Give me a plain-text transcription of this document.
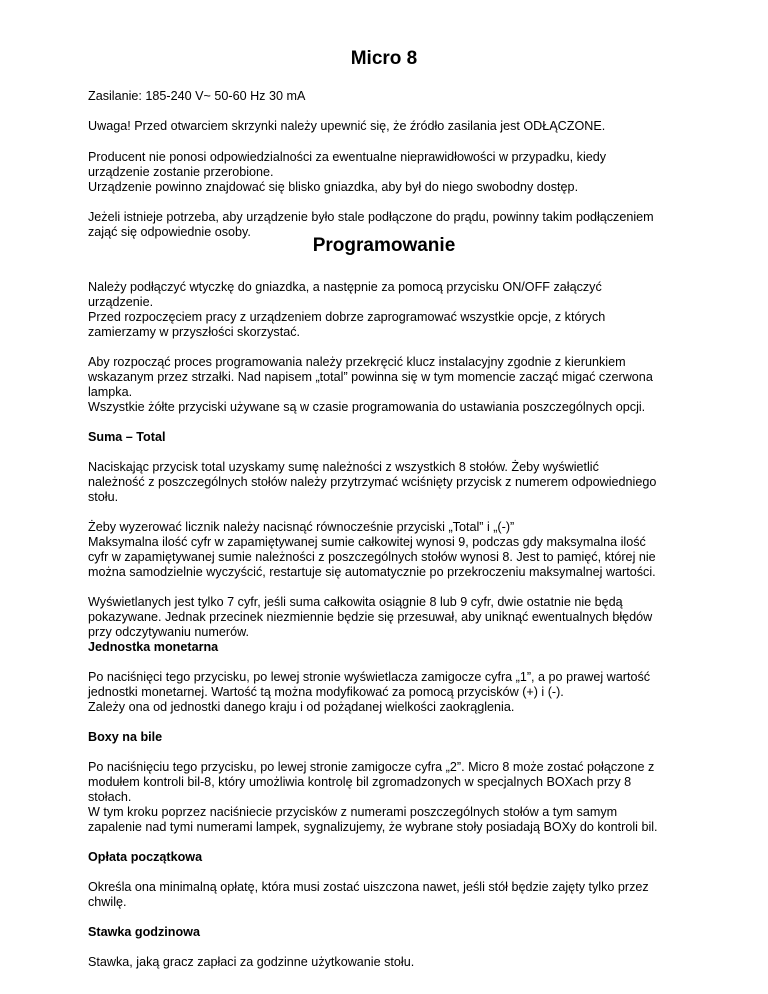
Micro 8

Zasilanie: 185-240 V~ 50-60 Hz 30 mA

Uwaga! Przed otwarciem skrzynki należy upewnić się, że źródło zasilania jest ODŁĄCZONE.

Producent nie ponosi odpowiedzialności za ewentualne nieprawidłowości w przypadku, kiedy
urządzenie zostanie przerobione.
Urządzenie powinno znajdować się blisko gniazdka, aby był do niego swobodny dostęp.

Jeżeli istnieje potrzeba, aby urządzenie było stale podłączone do prądu, powinny takim podłączeniem
zająć się odpowiednie osoby.

Programowanie

Należy podłączyć wtyczkę do gniazdka, a następnie za pomocą przycisku ON/OFF załączyć
urządzenie.
Przed rozpoczęciem pracy z urządzeniem dobrze zaprogramować wszystkie opcje, z których
zamierzamy w przyszłości skorzystać.

Aby rozpocząć proces programowania należy przekręcić klucz instalacyjny zgodnie z kierunkiem
wskazanym przez strzałki. Nad napisem „total” powinna się w tym momencie zacząć migać czerwona
lampka.
Wszystkie żółte przyciski używane są w czasie programowania do ustawiania poszczególnych opcji.

Suma – Total

Naciskając przycisk total uzyskamy sumę należności z wszystkich 8 stołów. Żeby wyświetlić
należność z poszczególnych stołów należy przytrzymać wciśnięty przycisk z numerem odpowiedniego
stołu.

Żeby wyzerować licznik należy nacisnąć równocześnie przyciski „Total” i „(-)”
Maksymalna ilość cyfr w zapamiętywanej sumie całkowitej wynosi 9, podczas gdy maksymalna ilość
cyfr w zapamiętywanej sumie należności z poszczególnych stołów wynosi 8. Jest to pamięć, której nie
można samodzielnie wyczyścić, restartuje się automatycznie po przekroczeniu maksymalnej wartości.

Wyświetlanych jest tylko 7 cyfr, jeśli suma całkowita osiągnie 8 lub 9 cyfr, dwie ostatnie nie będą
pokazywane. Jednak przecinek niezmiennie będzie się przesuwał, aby uniknąć ewentualnych błędów
przy odczytywaniu numerów.

Jednostka monetarna

Po naciśnięci tego przycisku, po lewej stronie wyświetlacza zamigocze cyfra „1”, a po prawej wartość
jednostki monetarnej. Wartość tą można modyfikować za pomocą przycisków (+) i (-).
Zależy ona od jednostki danego kraju i od pożądanej wielkości zaokrąglenia.

Boxy na bile

Po naciśnięciu tego przycisku, po lewej stronie zamigocze cyfra „2”. Micro 8 może zostać połączone z
modułem kontroli bil-8, który umożliwia kontrolę bil zgromadzonych w specjalnych BOXach przy 8
stołach.
W tym kroku poprzez naciśniecie przycisków z numerami poszczególnych stołów a tym samym
zapalenie nad tymi numerami lampek, sygnalizujemy, że wybrane stoły posiadają BOXy do kontroli bil.

Opłata początkowa

Określa ona minimalną opłatę, która musi zostać uiszczona nawet, jeśli stół będzie zajęty tylko przez
chwilę.

Stawka godzinowa

Stawka, jaką gracz zapłaci za godzinne użytkowanie stołu.
